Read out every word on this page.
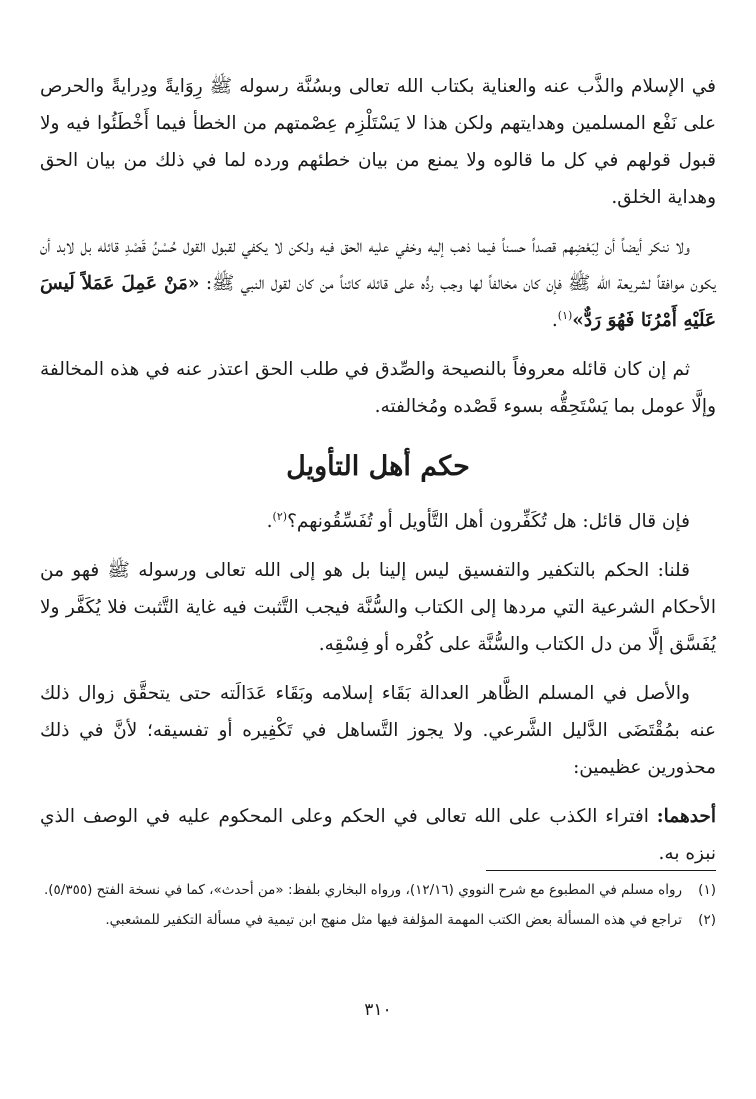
في الإسلام والذَّب عنه والعناية بكتاب الله تعالى وبسُنَّة رسوله ﷺ رِوَايةً ودِرايةً والحرص على نَفْع المسلمين وهدايتهم ولكن هذا لا يَسْتَلْزِم عِصْمتهم من الخطأ فيما أَخْطَئُوا فيه ولا قبول قولهم في كل ما قالوه ولا يمنع من بيان خطئهم ورده لما في ذلك من بيان الحق وهداية الخلق.

ولا ننكر أيضاً أن لِبَعْضِهم قصداً حسناً فيما ذهب إليه وخفي عليه الحق فيه ولكن لا يكفي لقبول القول حُسْنُ قَصْدِ قائله بل لابد أن يكون موافقاً لشريعة الله ﷺ فإن كان مخالفاً لها وجب ردُّه على قائله كائناً من كان لقول النبي ﷺ: «مَنْ عَمِلَ عَمَلاً لَيسَ عَلَيْهِ أَمْرُنَا فَهُوَ رَدٌّ»$^{(١)}$.

ثم إن كان قائله معروفاً بالنصيحة والصِّدق في طلب الحق اعتذر عنه في هذه المخالفة وإلَّا عومل بما يَسْتَحِقُّه بسوء قَصْده ومُخالفته.

حكم أهل التأويل

فإن قال قائل: هل تُكَفِّرون أهل التَّأويل أو تُفَسِّقُونهم؟$^{(٢)}$.

قلنا: الحكم بالتكفير والتفسيق ليس إلينا بل هو إلى الله تعالى ورسوله ﷺ فهو من الأحكام الشرعية التي مردها إلى الكتاب والسُّنَّة فيجب التَّثبت فيه غاية التَّثبت فلا يُكَفَّر ولا يُفَسَّق إلَّا من دل الكتاب والسُّنَّة على كُفْره أو فِسْقِه.

والأصل في المسلم الظَّاهر العدالة بَقَاء إسلامه وبَقَاء عَدَالَته حتى يتحقَّق زوال ذلك عنه بمُقْتَضَى الدَّليل الشَّرعي. ولا يجوز التَّساهل في تَكْفِيره أو تفسيقه؛ لأنَّ في ذلك محذورين عظيمين:

أحدهما: افتراء الكذب على الله تعالى في الحكم وعلى المحكوم عليه في الوصف الذي نبزه به.

(١)
رواه مسلم في المطبوع مع شرح النووي (١٢/١٦)، ورواه البخاري بلفظ: «من أحدث»، كما في نسخة الفتح (٥/٣٥٥).
(٢)
تراجع في هذه المسألة بعض الكتب المهمة المؤلفة فيها مثل منهج ابن تيمية في مسألة التكفير للمشعبي.
٣١٠
